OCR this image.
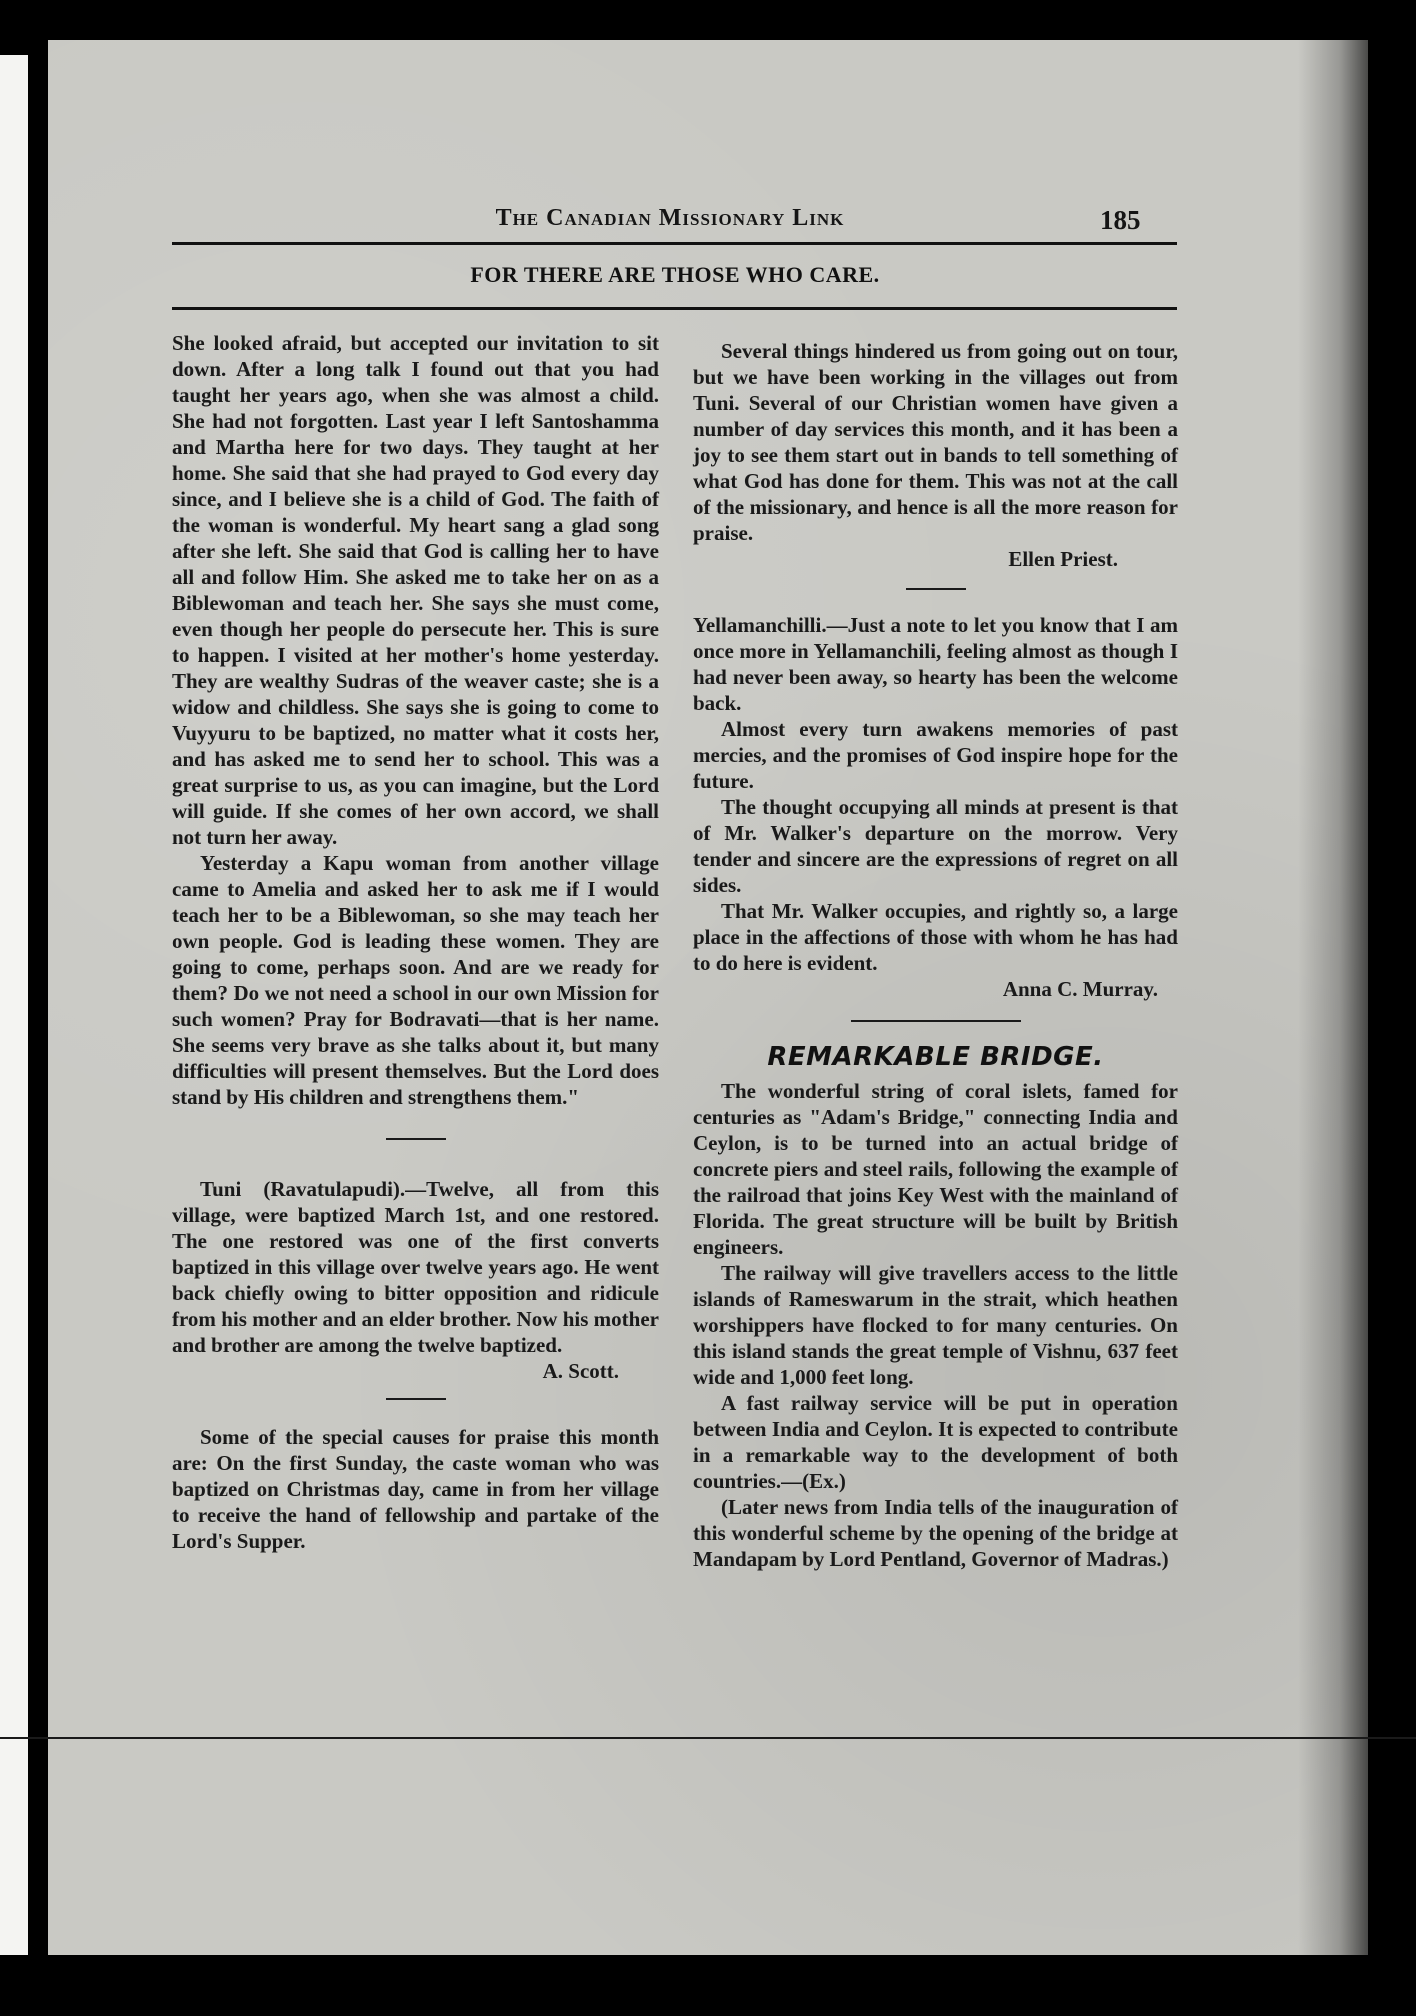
The Canadian Missionary Link	185
FOR THERE ARE THOSE WHO CARE.

She looked afraid, but accepted our invitation to sit down. After a long talk I found out that you had taught her years ago, when she was almost a child. She had not forgotten. Last year I left Santoshamma and Martha here for two days. They taught at her home. She said that she had prayed to God every day since, and I believe she is a child of God. The faith of the woman is wonderful. My heart sang a glad song after she left. She said that God is calling her to have all and follow Him. She asked me to take her on as a Biblewoman and teach her. She says she must come, even though her people do persecute her. This is sure to happen. I visited at her mother's home yesterday. They are wealthy Sudras of the weaver caste; she is a widow and childless. She says she is going to come to Vuyyuru to be baptized, no matter what it costs her, and has asked me to send her to school. This was a great surprise to us, as you can imagine, but the Lord will guide. If she comes of her own accord, we shall not turn her away.

Yesterday a Kapu woman from another village came to Amelia and asked her to ask me if I would teach her to be a Biblewoman, so she may teach her own people. God is leading these women. They are going to come, perhaps soon. And are we ready for them? Do we not need a school in our own Mission for such women? Pray for Bodravati—that is her name. She seems very brave as she talks about it, but many difficulties will present themselves. But the Lord does stand by His children and strengthens them."

Tuni (Ravatulapudi).—Twelve, all from this village, were baptized March 1st, and one restored. The one restored was one of the first converts baptized in this village over twelve years ago. He went back chiefly owing to bitter opposition and ridicule from his mother and an elder brother. Now his mother and brother are among the twelve baptized.

A. Scott.

Some of the special causes for praise this month are: On the first Sunday, the caste woman who was baptized on Christmas day, came in from her village to receive the hand of fellowship and partake of the Lord's Supper.

Several things hindered us from going out on tour, but we have been working in the villages out from Tuni. Several of our Christian women have given a number of day services this month, and it has been a joy to see them start out in bands to tell something of what God has done for them. This was not at the call of the missionary, and hence is all the more reason for praise.

Ellen Priest.

Yellamanchilli.—Just a note to let you know that I am once more in Yellamanchili, feeling almost as though I had never been away, so hearty has been the welcome back.

Almost every turn awakens memories of past mercies, and the promises of God inspire hope for the future.

The thought occupying all minds at present is that of Mr. Walker's departure on the morrow. Very tender and sincere are the expressions of regret on all sides.

That Mr. Walker occupies, and rightly so, a large place in the affections of those with whom he has had to do here is evident.

Anna C. Murray.
REMARKABLE BRIDGE.

The wonderful string of coral islets, famed for centuries as "Adam's Bridge," connecting India and Ceylon, is to be turned into an actual bridge of concrete piers and steel rails, following the example of the railroad that joins Key West with the mainland of Florida. The great structure will be built by British engineers.

The railway will give travellers access to the little islands of Rameswarum in the strait, which heathen worshippers have flocked to for many centuries. On this island stands the great temple of Vishnu, 637 feet wide and 1,000 feet long.

A fast railway service will be put in operation between India and Ceylon. It is expected to contribute in a remarkable way to the development of both countries.—(Ex.)

(Later news from India tells of the inauguration of this wonderful scheme by the opening of the bridge at Mandapam by Lord Pentland, Governor of Madras.)
